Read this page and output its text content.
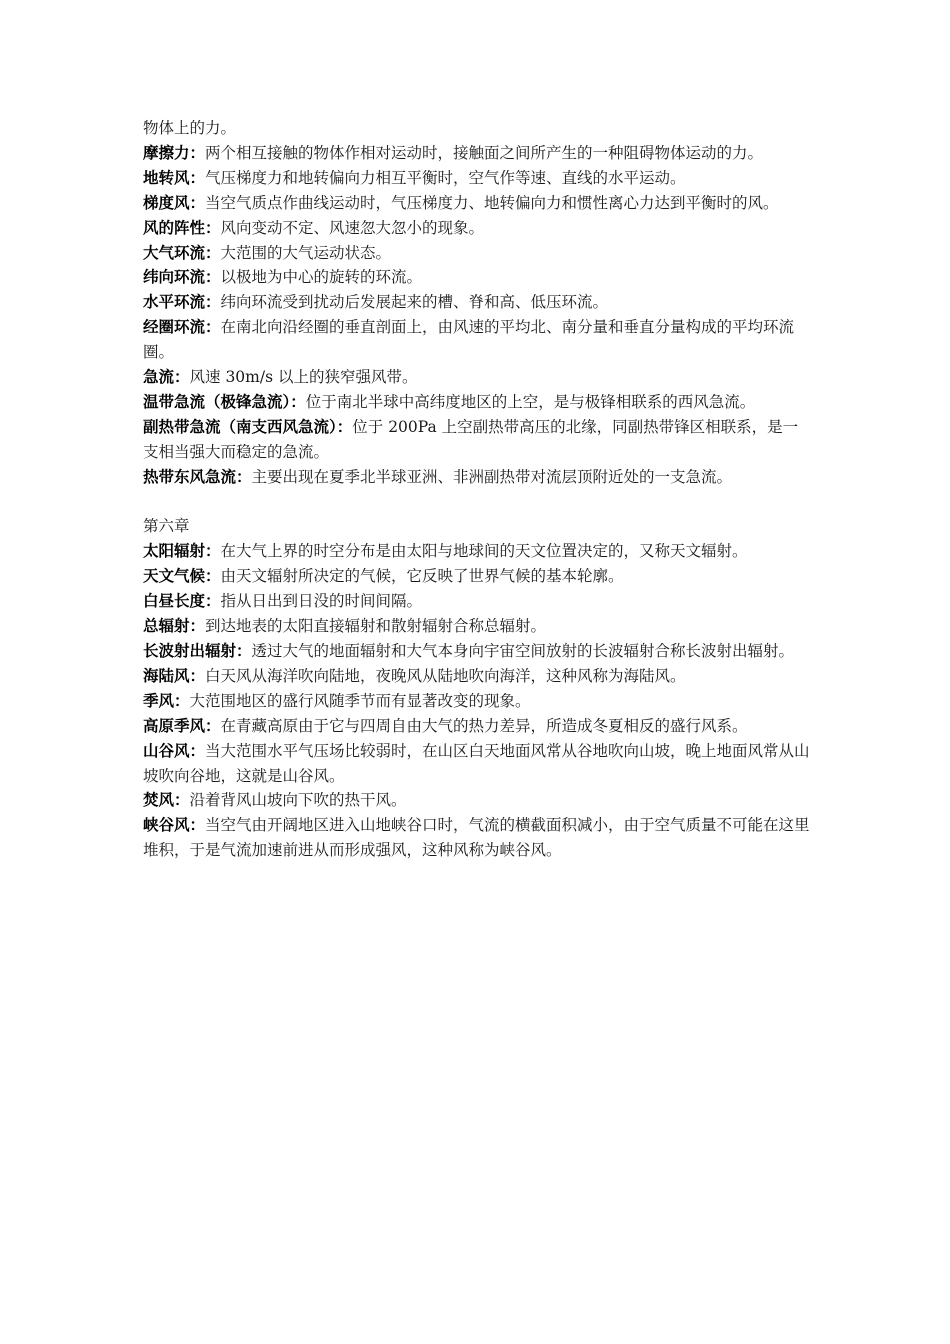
物体上的力。

摩擦力：两个相互接触的物体作相对运动时，接触面之间所产生的一种阻碍物体运动的力。

地转风：气压梯度力和地转偏向力相互平衡时，空气作等速、直线的水平运动。

梯度风：当空气质点作曲线运动时，气压梯度力、地转偏向力和惯性离心力达到平衡时的风。

风的阵性：风向变动不定、风速忽大忽小的现象。

大气环流：大范围的大气运动状态。

纬向环流：以极地为中心的旋转的环流。

水平环流：纬向环流受到扰动后发展起来的槽、脊和高、低压环流。

经圈环流：在南北向沿经圈的垂直剖面上，由风速的平均北、南分量和垂直分量构成的平均环流圈。

急流：风速 30m/s 以上的狭窄强风带。

温带急流（极锋急流）：位于南北半球中高纬度地区的上空，是与极锋相联系的西风急流。

副热带急流（南支西风急流）：位于 200Pa 上空副热带高压的北缘，同副热带锋区相联系，是一支相当强大而稳定的急流。

热带东风急流：主要出现在夏季北半球亚洲、非洲副热带对流层顶附近处的一支急流。

第六章

太阳辐射：在大气上界的时空分布是由太阳与地球间的天文位置决定的，又称天文辐射。

天文气候：由天文辐射所决定的气候，它反映了世界气候的基本轮廓。

白昼长度：指从日出到日没的时间间隔。

总辐射：到达地表的太阳直接辐射和散射辐射合称总辐射。

长波射出辐射：透过大气的地面辐射和大气本身向宇宙空间放射的长波辐射合称长波射出辐射。

海陆风：白天风从海洋吹向陆地，夜晚风从陆地吹向海洋，这种风称为海陆风。

季风：大范围地区的盛行风随季节而有显著改变的现象。

高原季风：在青藏高原由于它与四周自由大气的热力差异，所造成冬夏相反的盛行风系。

山谷风：当大范围水平气压场比较弱时，在山区白天地面风常从谷地吹向山坡，晚上地面风常从山坡吹向谷地，这就是山谷风。

焚风：沿着背风山坡向下吹的热干风。

峡谷风：当空气由开阔地区进入山地峡谷口时，气流的横截面积减小，由于空气质量不可能在这里堆积，于是气流加速前进从而形成强风，这种风称为峡谷风。
